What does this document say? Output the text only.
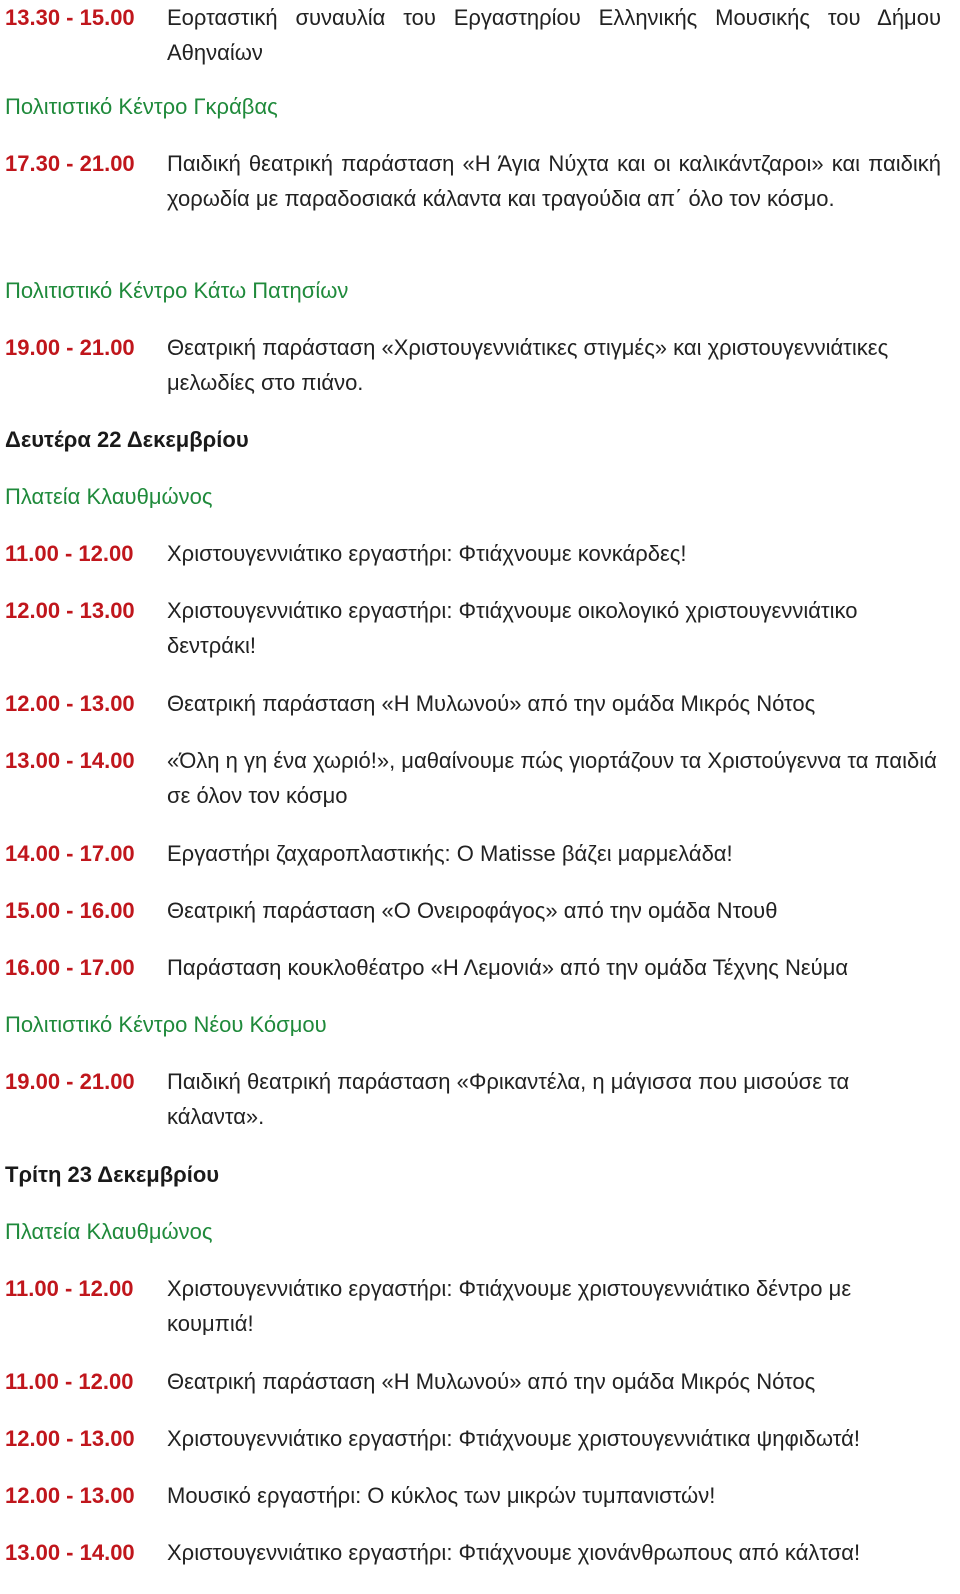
13.30 - 15.00	Εορταστική συναυλία του Εργαστηρίου Ελληνικής Μουσικής του Δήμου Αθηναίων
Πολιτιστικό Κέντρο Γκράβας
17.30 - 21.00	Παιδική θεατρική παράσταση «Η Άγια Νύχτα και οι καλικάντζαροι» και παιδική χορωδία με παραδοσιακά κάλαντα και τραγούδια απ΄ όλο τον κόσμο.
Πολιτιστικό Κέντρο Κάτω Πατησίων
19.00 - 21.00	Θεατρική παράσταση «Χριστουγεννιάτικες στιγμές» και χριστουγεννιάτικες μελωδίες στο πιάνο.
Δευτέρα 22 Δεκεμβρίου
Πλατεία Κλαυθμώνος
11.00 - 12.00	Χριστουγεννιάτικο εργαστήρι: Φτιάχνουμε κονκάρδες!
12.00 - 13.00	Χριστουγεννιάτικο εργαστήρι: Φτιάχνουμε οικολογικό χριστουγεννιάτικο δεντράκι!
12.00 - 13.00	Θεατρική παράσταση «Η Μυλωνού» από την ομάδα Μικρός Νότος
13.00 - 14.00	«Όλη η γη ένα χωριό!», μαθαίνουμε πώς γιορτάζουν τα Χριστούγεννα τα παιδιά σε όλον τον κόσμο
14.00 - 17.00	Εργαστήρι ζαχαροπλαστικής: Ο Matisse βάζει μαρμελάδα!
15.00 - 16.00	Θεατρική παράσταση «Ο Ονειροφάγος» από την ομάδα Ντουθ
16.00 - 17.00	Παράσταση κουκλοθέατρο «Η Λεμονιά» από την ομάδα Τέχνης Νεύμα
Πολιτιστικό Κέντρο Νέου Κόσμου
19.00 - 21.00	Παιδική θεατρική παράσταση «Φρικαντέλα, η μάγισσα που μισούσε τα κάλαντα».
Τρίτη 23 Δεκεμβρίου
Πλατεία Κλαυθμώνος
11.00 - 12.00	Χριστουγεννιάτικο εργαστήρι: Φτιάχνουμε χριστουγεννιάτικο δέντρο με κουμπιά!
11.00 - 12.00	Θεατρική παράσταση «Η Μυλωνού» από την ομάδα Μικρός Νότος
12.00 - 13.00	Χριστουγεννιάτικο εργαστήρι: Φτιάχνουμε χριστουγεννιάτικα ψηφιδωτά!
12.00 - 13.00	Μουσικό εργαστήρι: Ο κύκλος των μικρών τυμπανιστών!
13.00 - 14.00	Χριστουγεννιάτικο εργαστήρι: Φτιάχνουμε χιονάνθρωπους από κάλτσα!
